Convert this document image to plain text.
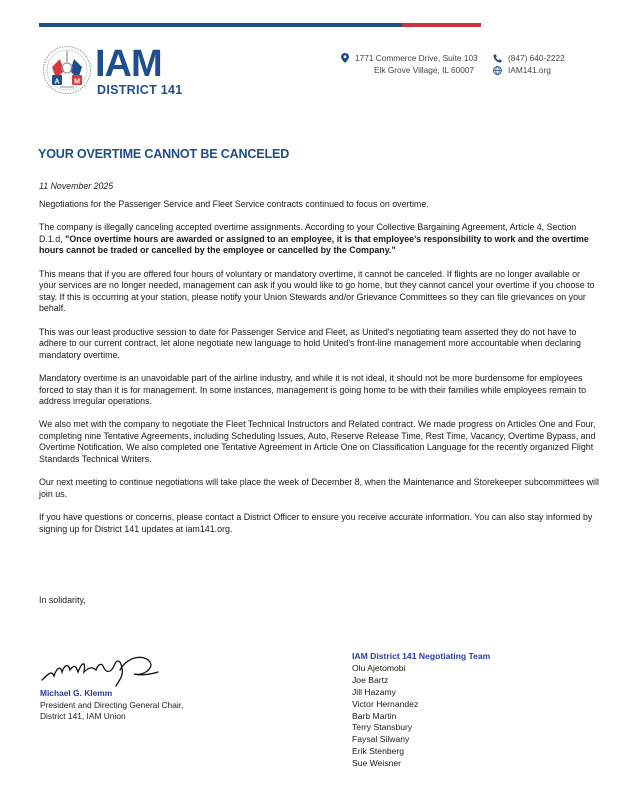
A M IAM
DISTRICT 141
1771 Commerce Drive, Suite 103
Elk Grove Village, IL 60007
(847) 640-2222
IAM141.org
YOUR OVERTIME CANNOT BE CANCELED
11 November 2025

Negotiations for the Passenger Service and Fleet Service contracts continued to focus on overtime.

The company is illegally canceling accepted overtime assignments. According to your Collective Bargaining Agreement, Article 4, Section D.1.d, "Once overtime hours are awarded or assigned to an employee, it is that employee's responsibility to work and the overtime hours cannot be traded or cancelled by the employee or cancelled by the Company."

This means that if you are offered four hours of voluntary or mandatory overtime, it cannot be canceled. If flights are no longer available or your services are no longer needed, management can ask if you would like to go home, but they cannot cancel your overtime if you choose to stay. If this is occurring at your station, please notify your Union Stewards and/or Grievance Committees so they can file grievances on your behalf.

This was our least productive session to date for Passenger Service and Fleet, as United's negotiating team asserted they do not have to adhere to our current contract, let alone negotiate new language to hold United's front-line management more accountable when declaring mandatory overtime.

Mandatory overtime is an unavoidable part of the airline industry, and while it is not ideal, it should not be more burdensome for employees forced to stay than it is for management. In some instances, management is going home to be with their families while employees remain to address irregular operations.

We also met with the company to negotiate the Fleet Technical Instructors and Related contract. We made progress on Articles One and Four, completing nine Tentative Agreements, including Scheduling Issues, Auto, Reserve Release Time, Rest Time, Vacancy, Overtime Bypass, and Overtime Notification. We also completed one Tentative Agreement in Article One on Classification Language for the recently organized Flight Standards Technical Writers.

Our next meeting to continue negotiations will take place the week of December 8, when the Maintenance and Storekeeper subcommittees will join us.

If you have questions or concerns, please contact a District Officer to ensure you receive accurate information. You can also stay informed by signing up for District 141 updates at iam141.org.

In solidarity,
Michael G. Klemm
President and Directing General Chair,
District 141, IAM Union
IAM District 141 Negotiating Team
Olu Ajetomobi
Joe Bartz
Jill Hazamy
Victor Hernandez
Barb Martin
Terry Stansbury
Faysal Silwany
Erik Stenberg
Sue Weisner
